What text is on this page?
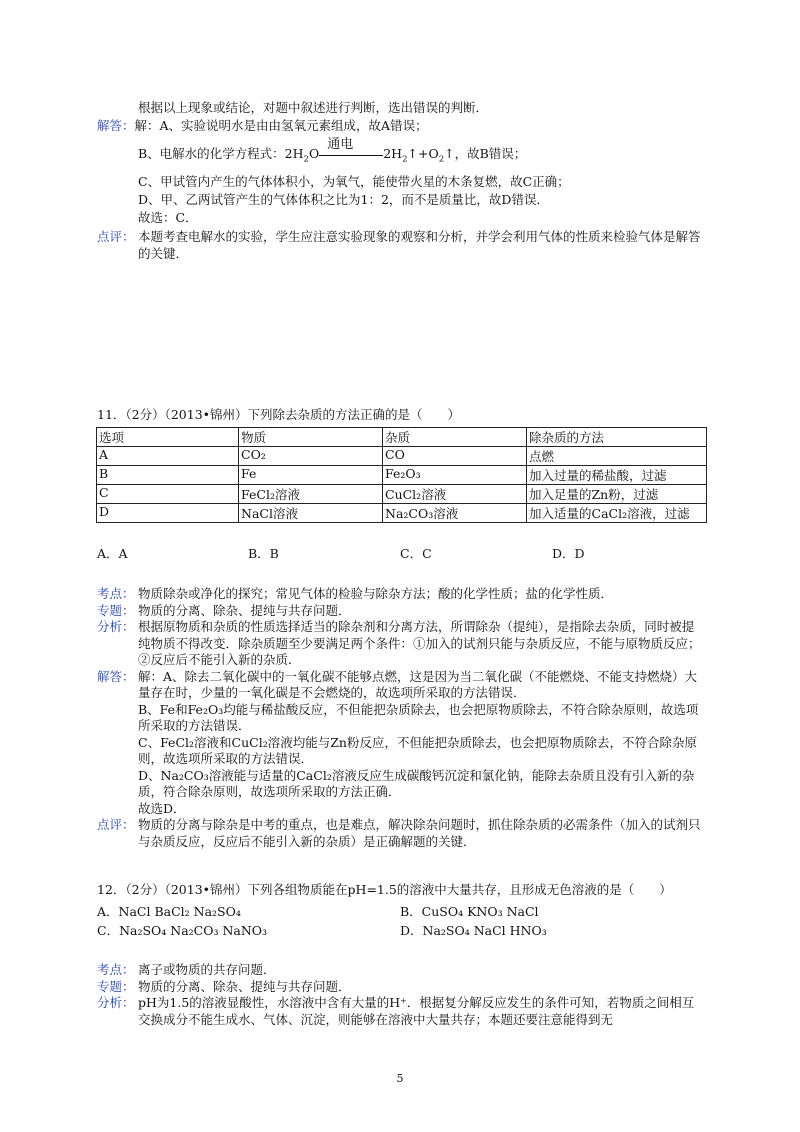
根据以上现象或结论，对题中叙述进行判断，选出错误的判断．
解答：解：A、实验说明水是由由氢氧元素组成，故A错误；
B、电解水的化学方程式：$2H_2O$
通电
$2H_2↑+O_2↑$，故B错误；
C、甲试管内产生的气体体积小，为氧气，能使带火星的木条复燃，故C正确；
D、甲、乙两试管产生的气体体积之比为1：2，而不是质量比，故D错误．
故选：C．
点评： 本题考查电解水的实验，学生应注意实验现象的观察和分析，并学会利用气体的性质来检验气体是解答的关键．
11．（2分）（2013•锦州）下列除去杂质的方法正确的是（　　）
选项	物质	杂质	除杂质的方法
A	CO₂	CO	点燃
B	Fe	Fe₂O₃	加入过量的稀盐酸，过滤
C	FeCl₂溶液	CuCl₂溶液	加入足量的Zn粉，过滤
D	NaCl溶液	Na₂CO₃溶液	加入适量的CaCl₂溶液，过滤
A．A	B．B	C．C	D．D
考点： 物质除杂或净化的探究；常见气体的检验与除杂方法；酸的化学性质；盐的化学性质．
专题： 物质的分离、除杂、提纯与共存问题．
分析： 根据原物质和杂质的性质选择适当的除杂剂和分离方法，所谓除杂（提纯），是指除去杂质，同时被提纯物质不得改变．除杂质题至少要满足两个条件：①加入的试剂只能与杂质反应，不能与原物质反应；②反应后不能引入新的杂质．
解答： 解：A、除去二氧化碳中的一氧化碳不能够点燃，这是因为当二氧化碳（不能燃烧、不能支持燃烧）大量存在时，少量的一氧化碳是不会燃烧的，故选项所采取的方法错误．
B、Fe和Fe₂O₃均能与稀盐酸反应，不但能把杂质除去，也会把原物质除去，不符合除杂原则，故选项所采取的方法错误．
C、FeCl₂溶液和CuCl₂溶液均能与Zn粉反应，不但能把杂质除去，也会把原物质除去，不符合除杂原则，故选项所采取的方法错误．
D、Na₂CO₃溶液能与适量的CaCl₂溶液反应生成碳酸钙沉淀和氯化钠，能除去杂质且没有引入新的杂质，符合除杂原则，故选项所采取的方法正确．
故选D．
点评： 物质的分离与除杂是中考的重点，也是难点，解决除杂问题时，抓住除杂质的必需条件（加入的试剂只与杂质反应，反应后不能引入新的杂质）是正确解题的关键．
12．（2分）（2013•锦州）下列各组物质能在pH=1.5的溶液中大量共存，且形成无色溶液的是（　　）
A．NaCl BaCl₂ Na₂SO₄	B．CuSO₄ KNO₃ NaCl
C．Na₂SO₄ Na₂CO₃ NaNO₃	D．Na₂SO₄ NaCl HNO₃
考点： 离子或物质的共存问题．
专题： 物质的分离、除杂、提纯与共存问题．
分析： pH为1.5的溶液显酸性，水溶液中含有大量的H⁺．根据复分解反应发生的条件可知，若物质之间相互交换成分不能生成水、气体、沉淀，则能够在溶液中大量共存；本题还要注意能得到无
5
